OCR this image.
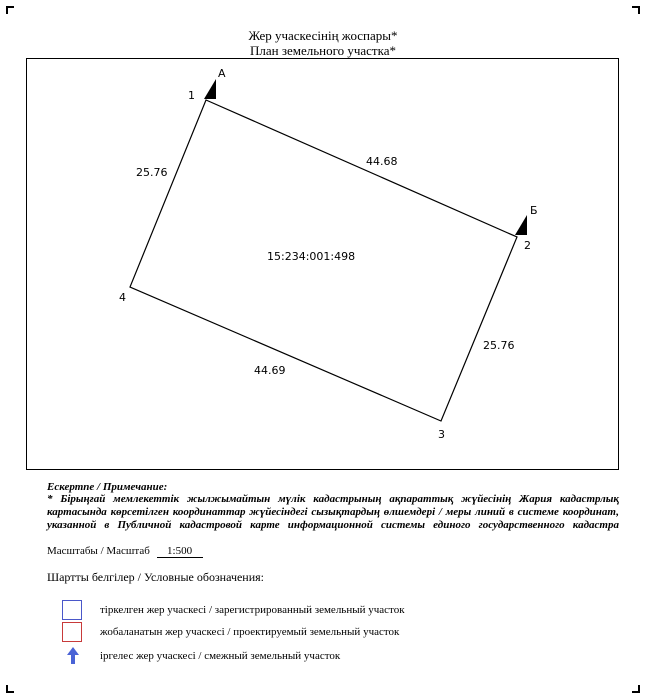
Жер учаскесінің жоспары*
План земельного участка*
А
Б
1
2
3
4
44.68
25.76
44.69
25.76
15:234:001:498
Ескертпе / Примечание:
* Бірыңғай мемлекеттік жылжымайтын мүлік кадастрының ақпараттық жүйесінің Жария кадастрлық
картасында көрсетілген координаттар жүйесіндегі сызықтардың өлшемдері / меры линий в системе координат,
указанной в Публичной кадастровой карте информационной системы единого государственного кадастра
Масштабы / Масштаб 1:500
Шартты белгілер / Условные обозначения:
тіркелген жер учаскесі / зарегистрированный земельный участок
жобаланатын жер учаскесі / проектируемый земельный участок
іргелес жер учаскесі / смежный земельный участок
